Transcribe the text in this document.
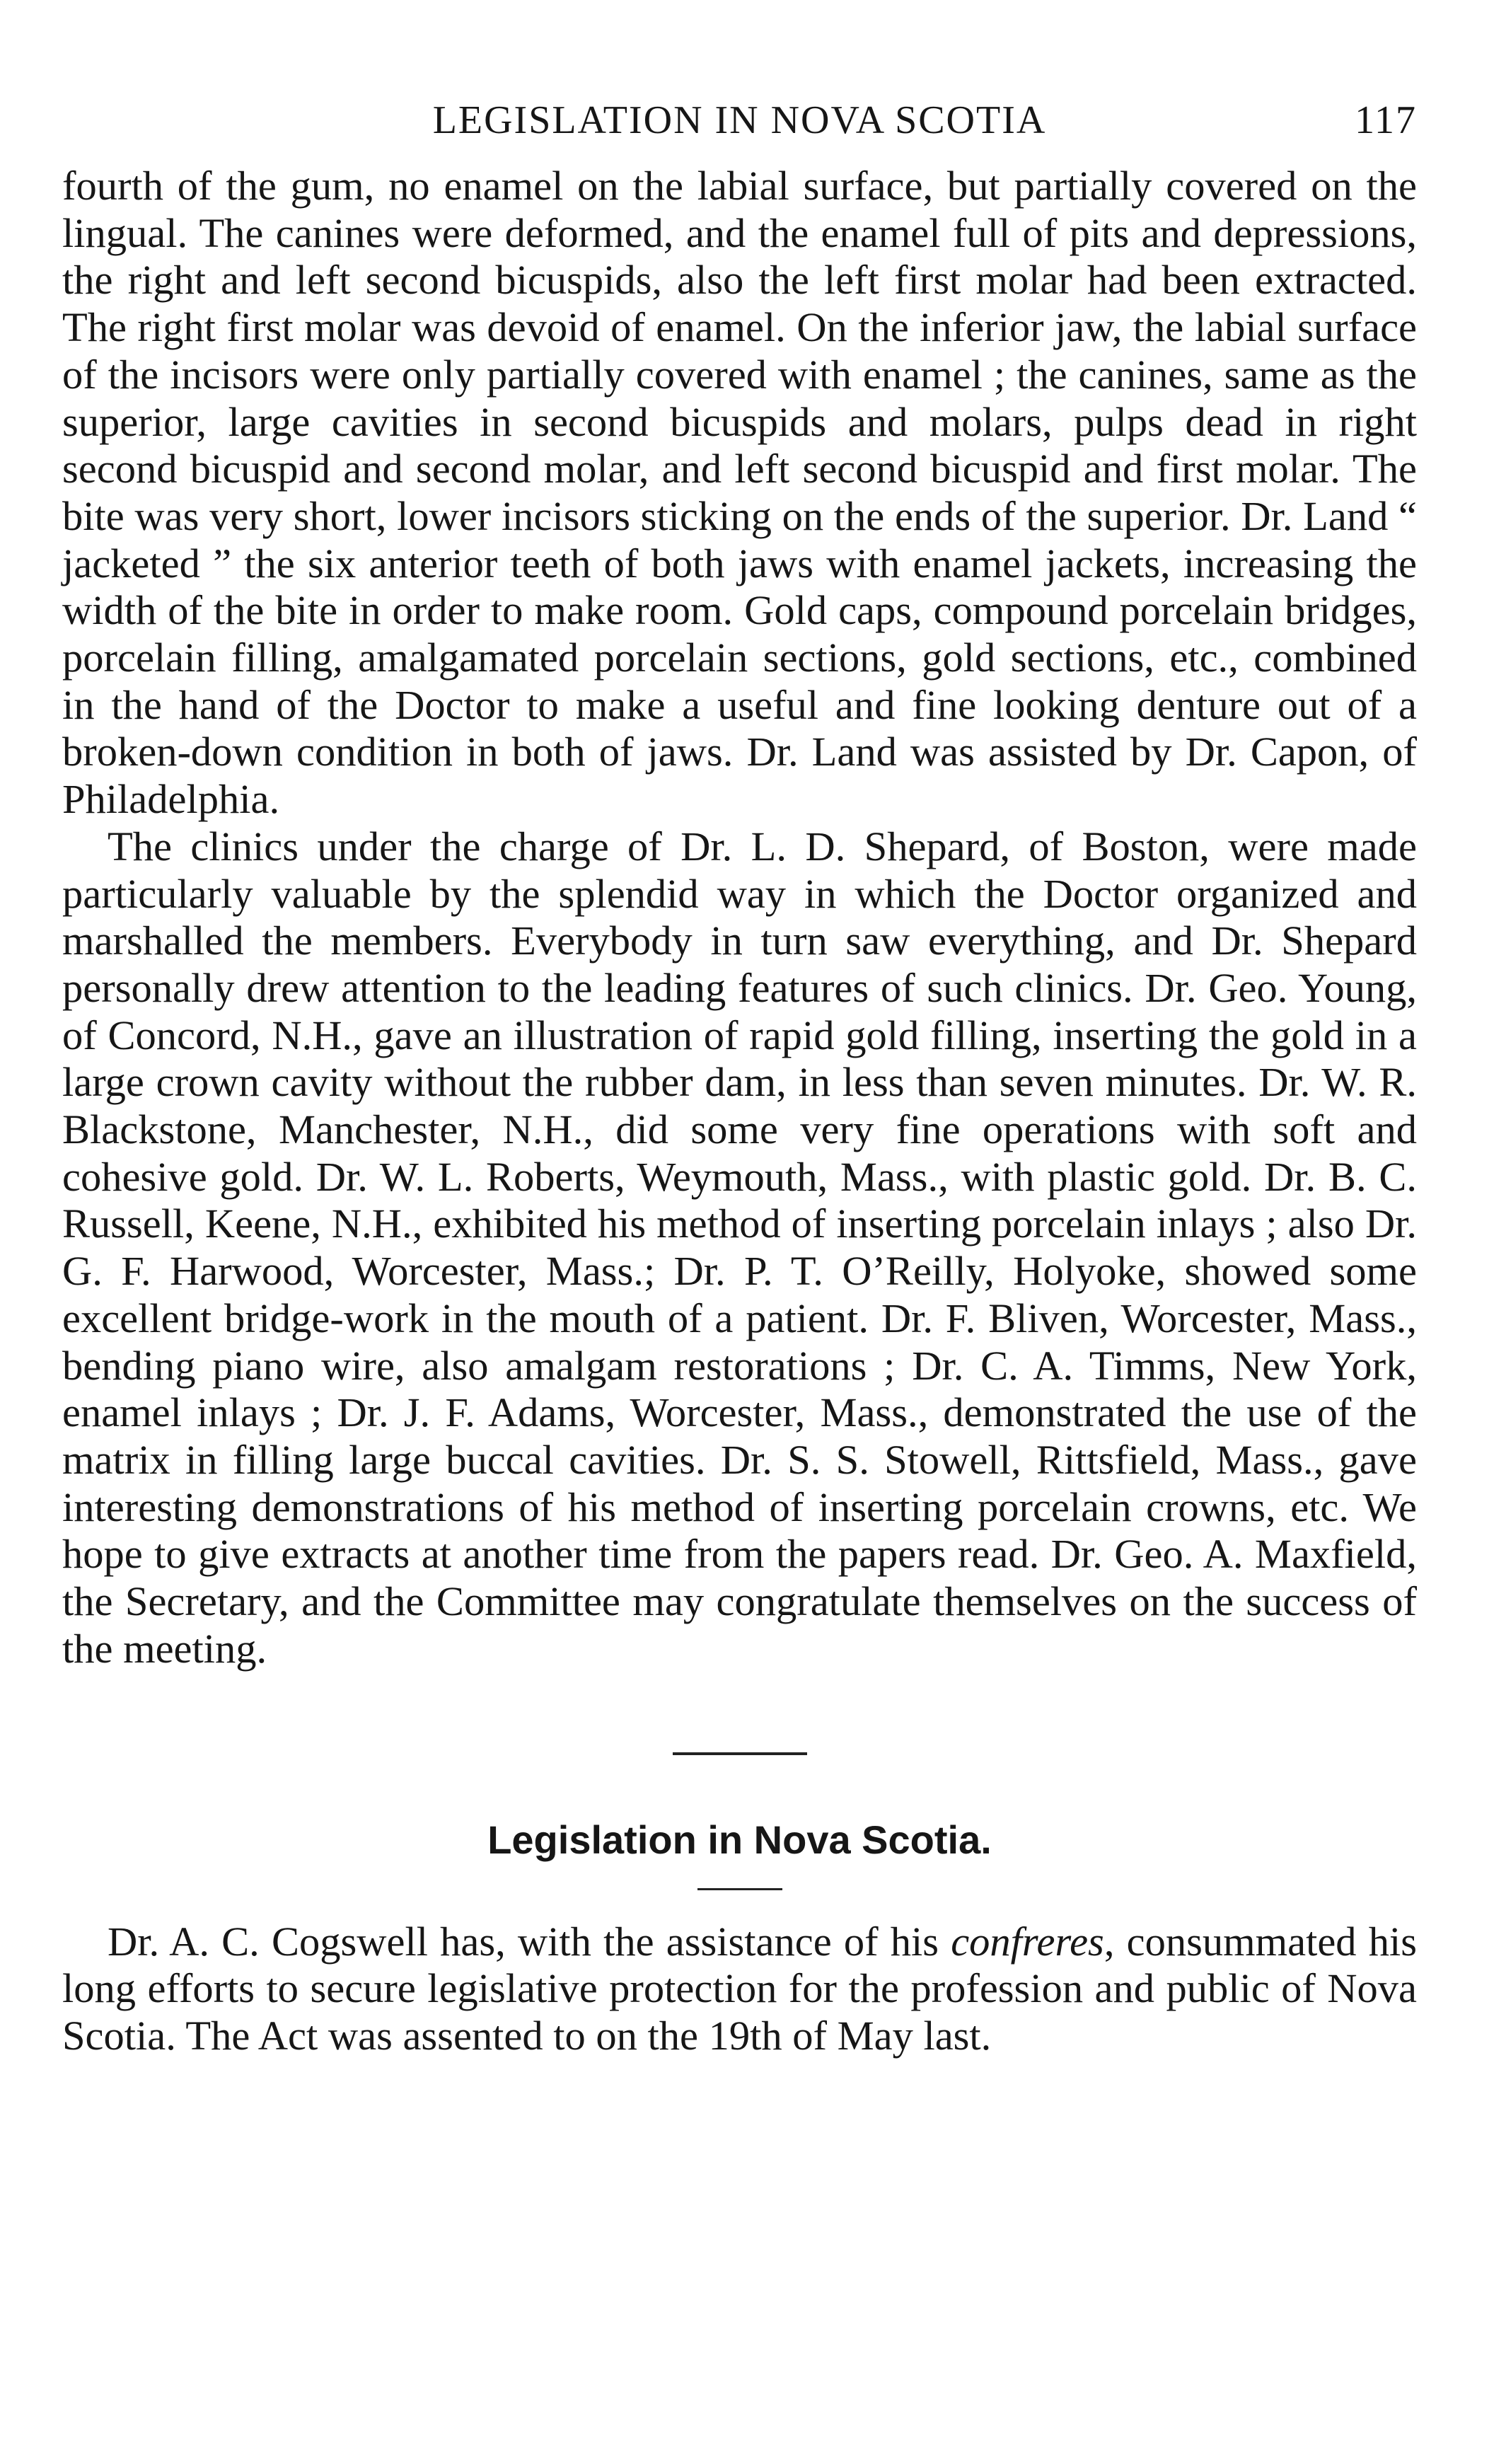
LEGISLATION IN NOVA SCOTIA	117

fourth of the gum, no enamel on the labial surface, but partially covered on the lingual. The canines were deformed, and the enamel full of pits and depressions, the right and left second bicuspids, also the left first molar had been extracted. The right first molar was devoid of enamel. On the inferior jaw, the labial surface of the incisors were only partially covered with enamel ; the canines, same as the superior, large cavities in second bicuspids and molars, pulps dead in right second bicuspid and second molar, and left second bicuspid and first molar. The bite was very short, lower incisors sticking on the ends of the superior. Dr. Land “ jacketed ” the six anterior teeth of both jaws with enamel jackets, increasing the width of the bite in order to make room. Gold caps, compound porcelain bridges, porcelain filling, amalgamated porcelain sections, gold sections, etc., combined in the hand of the Doctor to make a useful and fine looking denture out of a broken-down condition in both of jaws. Dr. Land was assisted by Dr. Capon, of Philadelphia.

The clinics under the charge of Dr. L. D. Shepard, of Boston, were made particularly valuable by the splendid way in which the Doctor organized and marshalled the members. Everybody in turn saw everything, and Dr. Shepard personally drew attention to the leading features of such clinics. Dr. Geo. Young, of Concord, N.H., gave an illustration of rapid gold filling, inserting the gold in a large crown cavity without the rubber dam, in less than seven minutes. Dr. W. R. Blackstone, Manchester, N.H., did some very fine operations with soft and cohesive gold. Dr. W. L. Roberts, Weymouth, Mass., with plastic gold. Dr. B. C. Russell, Keene, N.H., exhibited his method of inserting porcelain inlays ; also Dr. G. F. Harwood, Worcester, Mass.; Dr. P. T. O’Reilly, Holyoke, showed some excellent bridge-work in the mouth of a patient. Dr. F. Bliven, Worcester, Mass., bending piano wire, also amalgam restorations ; Dr. C. A. Timms, New York, enamel inlays ; Dr. J. F. Adams, Worcester, Mass., demonstrated the use of the matrix in filling large buccal cavities. Dr. S. S. Stowell, Rittsfield, Mass., gave interesting demonstrations of his method of inserting porcelain crowns, etc. We hope to give extracts at another time from the papers read. Dr. Geo. A. Maxfield, the Secretary, and the Committee may congratulate themselves on the success of the meeting.

Legislation in Nova Scotia.

Dr. A. C. Cogswell has, with the assistance of his confreres, consummated his long efforts to secure legislative protection for the profession and public of Nova Scotia. The Act was assented to on the 19th of May last.
